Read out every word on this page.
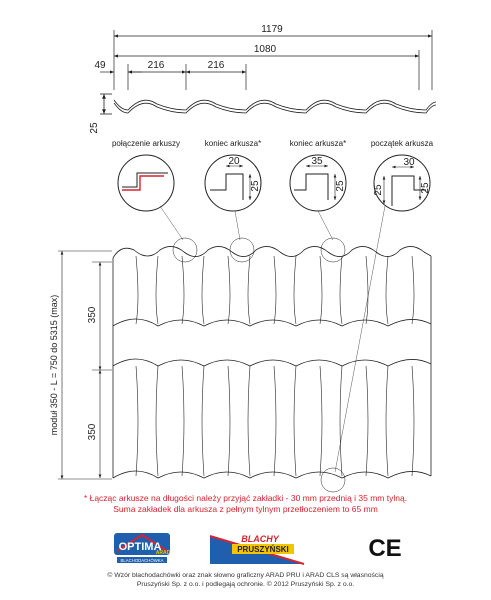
1179
1080
49	216	216
25
połączenie arkuszy	koniec arkusza*
20
25
koniec arkusza*
35
25
początek arkusza
25
30
25
moduł 350 - L = 750 do 5315 (max)	350
350
* Łącząc arkusze na długości należy przyjąć zakładki - 30 mm przednią i 35 mm tylną.
Suma zakładek dla arkusza z pełnym tylnym przetłoczeniem to 65 mm
OPTIMA
ARAD
BLACHODACHÓWKA
BLACHY
PRUSZYŃSKI	CE
© Wzór blachodachówki oraz znak słowno graficzny ARAD PRU i ARAD CLS są własnością
Pruszyński Sp. z o.o. i podlegają ochronie. © 2012 Pruszyński Sp. z o.o.
